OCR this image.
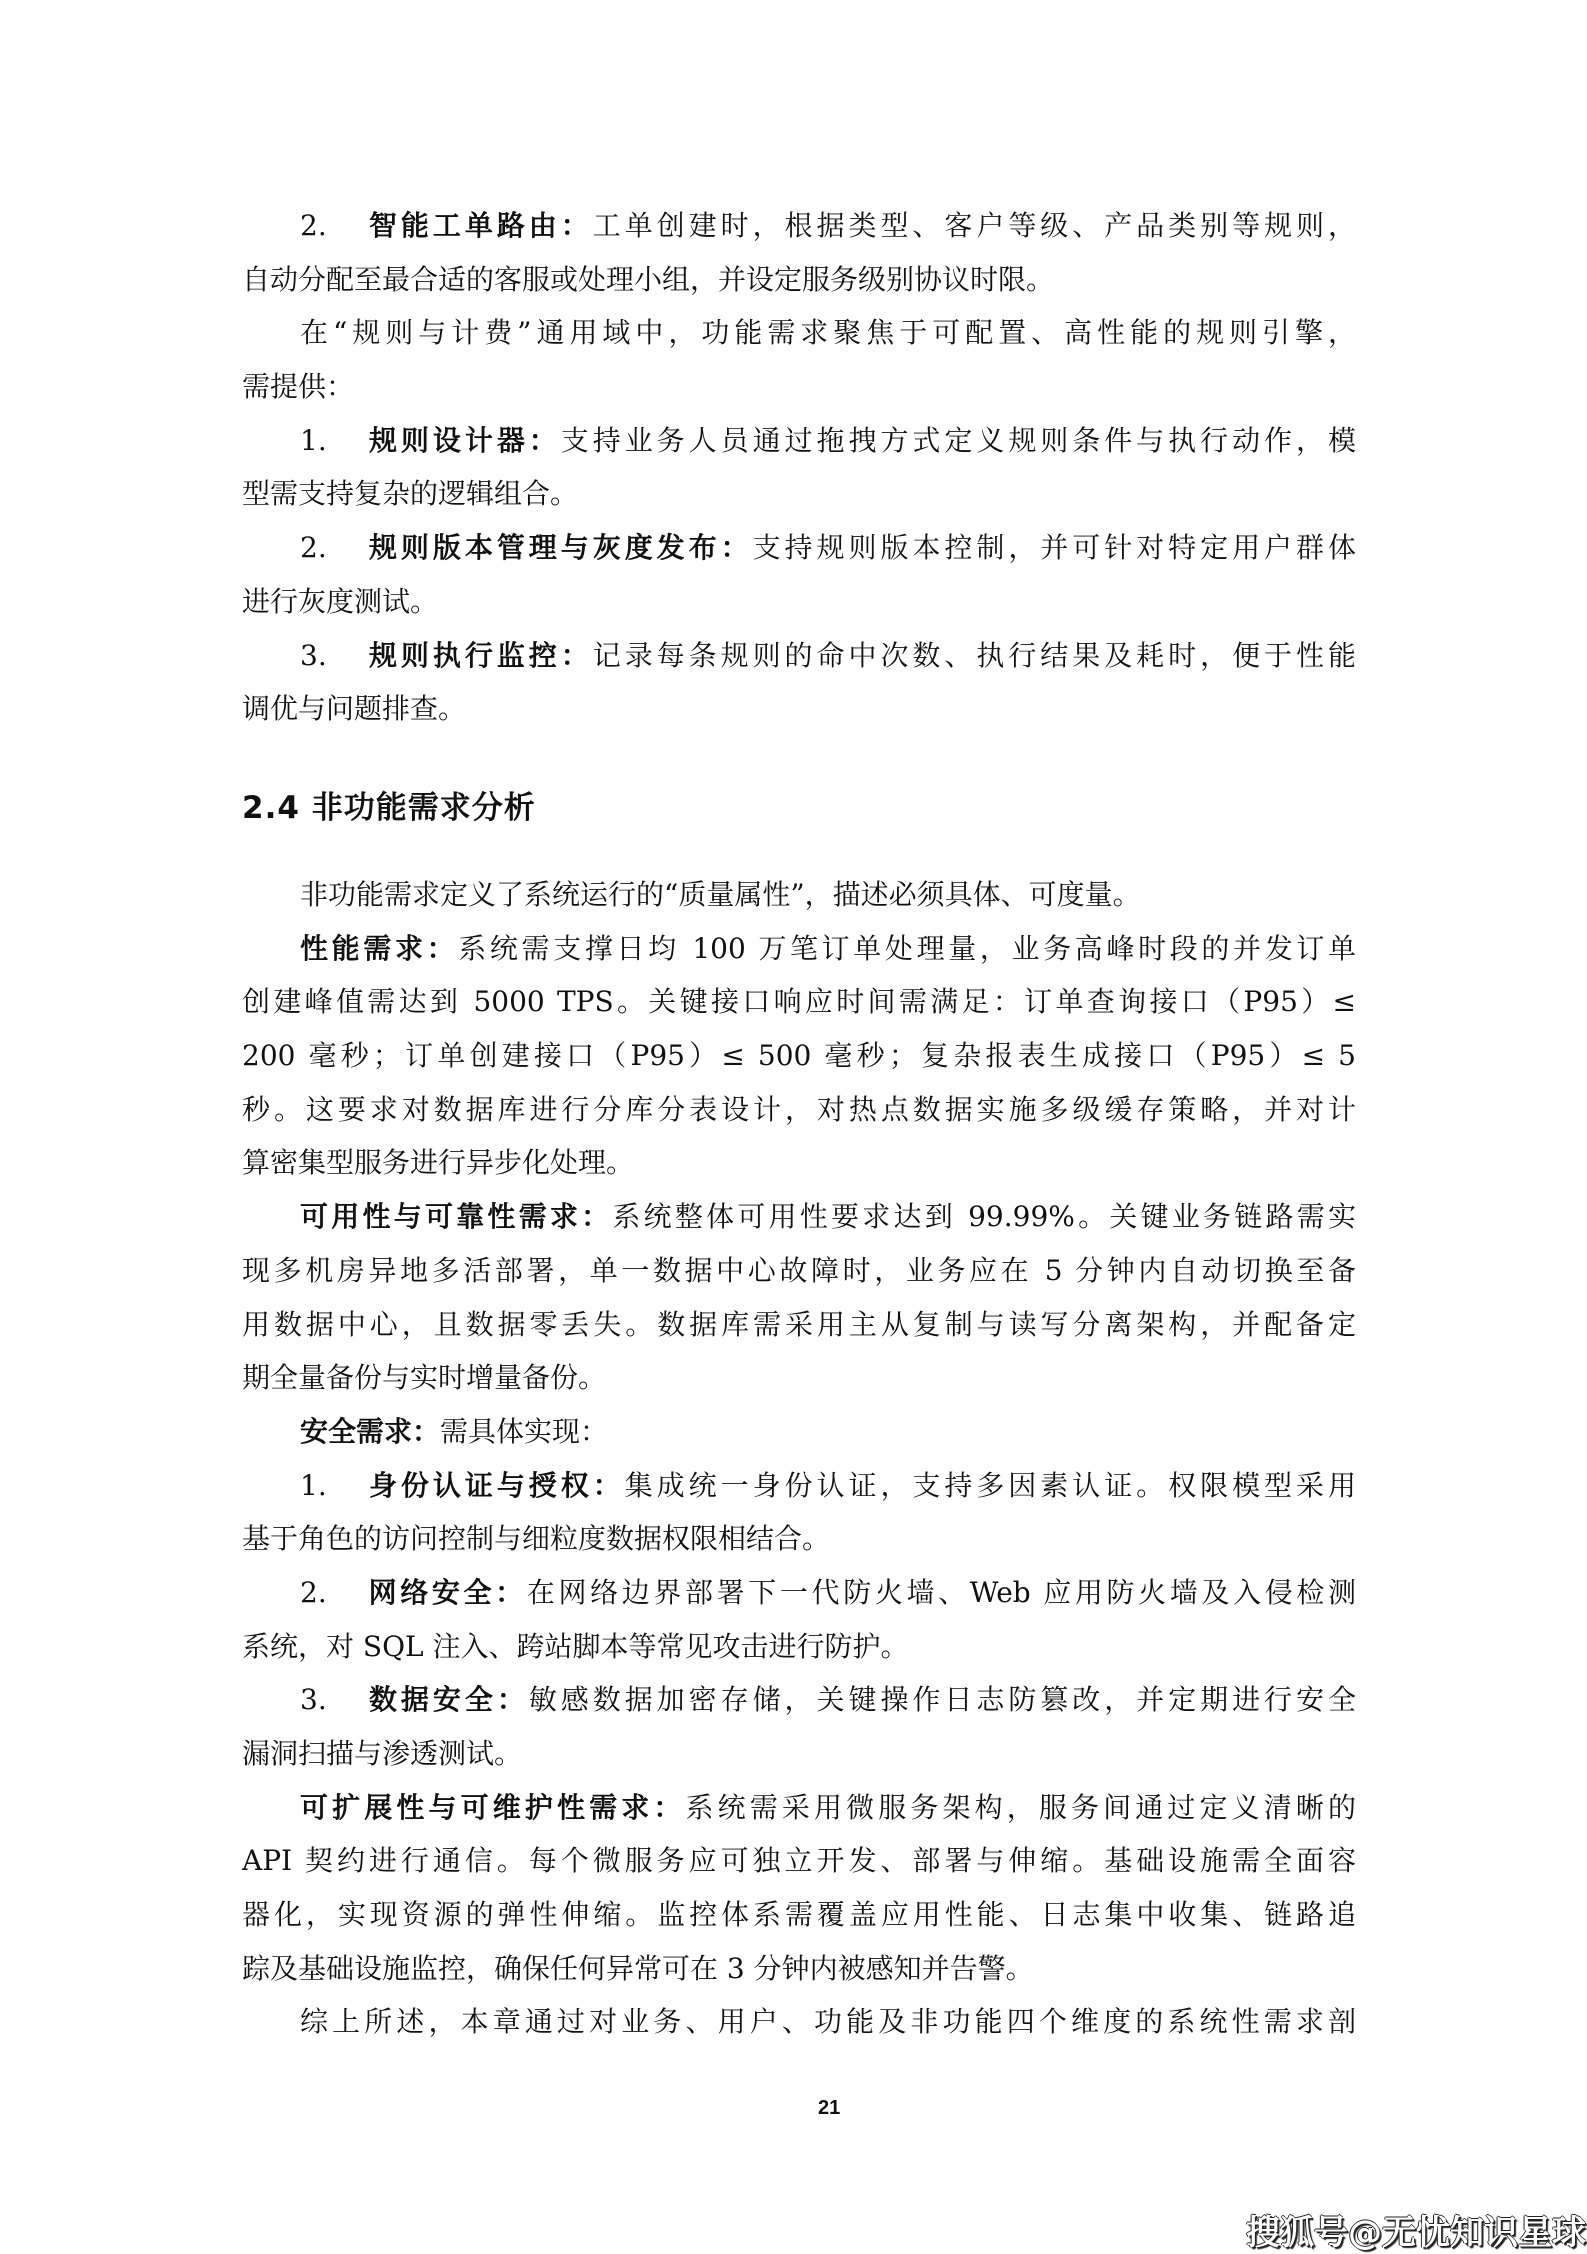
2. 智能工单路由：工单创建时，根据类型、客户等级、产品类别等规则，
自动分配至最合适的客服或处理小组，并设定服务级别协议时限。
在“规则与计费”通用域中，功能需求聚焦于可配置、高性能的规则引擎，
需提供：
1. 规则设计器：支持业务人员通过拖拽方式定义规则条件与执行动作，模
型需支持复杂的逻辑组合。
2. 规则版本管理与灰度发布：支持规则版本控制，并可针对特定用户群体
进行灰度测试。
3. 规则执行监控：记录每条规则的命中次数、执行结果及耗时，便于性能
调优与问题排查。
2.4 非功能需求分析
非功能需求定义了系统运行的“质量属性”，描述必须具体、可度量。
性能需求：系统需支撑日均 100 万笔订单处理量，业务高峰时段的并发订单
创建峰值需达到 5000 TPS。关键接口响应时间需满足：订单查询接口（P95）≤
200 毫秒；订单创建接口（P95）≤ 500 毫秒；复杂报表生成接口（P95）≤ 5
秒。这要求对数据库进行分库分表设计，对热点数据实施多级缓存策略，并对计
算密集型服务进行异步化处理。
可用性与可靠性需求：系统整体可用性要求达到 99.99%。关键业务链路需实
现多机房异地多活部署，单一数据中心故障时，业务应在 5 分钟内自动切换至备
用数据中心，且数据零丢失。数据库需采用主从复制与读写分离架构，并配备定
期全量备份与实时增量备份。
安全需求：需具体实现：
1. 身份认证与授权：集成统一身份认证，支持多因素认证。权限模型采用
基于角色的访问控制与细粒度数据权限相结合。
2. 网络安全：在网络边界部署下一代防火墙、Web 应用防火墙及入侵检测
系统，对 SQL 注入、跨站脚本等常见攻击进行防护。
3. 数据安全：敏感数据加密存储，关键操作日志防篡改，并定期进行安全
漏洞扫描与渗透测试。
可扩展性与可维护性需求：系统需采用微服务架构，服务间通过定义清晰的
API 契约进行通信。每个微服务应可独立开发、部署与伸缩。基础设施需全面容
器化，实现资源的弹性伸缩。监控体系需覆盖应用性能、日志集中收集、链路追
踪及基础设施监控，确保任何异常可在 3 分钟内被感知并告警。
综上所述，本章通过对业务、用户、功能及非功能四个维度的系统性需求剖
21
搜狐号@无忧知识星球
